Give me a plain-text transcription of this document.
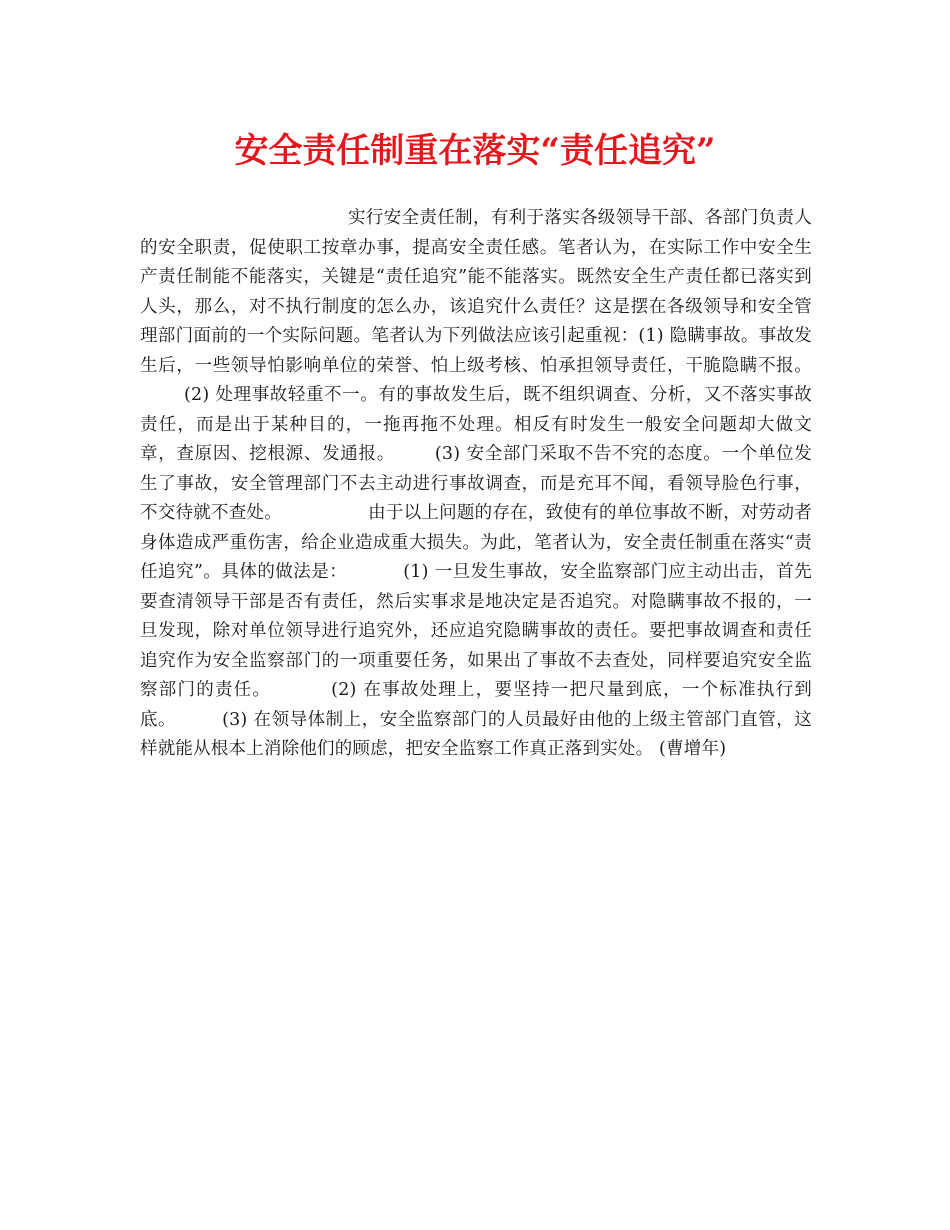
安全责任制重在落实“责任追究”

实行安全责任制，有利于落实各级领导干部、各部门负责人的安全职责，促使职工按章办事，提高安全责任感。笔者认为，在实际工作中安全生产责任制能不能落实，关键是“责任追究”能不能落实。既然安全生产责任都已落实到人头，那么，对不执行制度的怎么办，该追究什么责任？这是摆在各级领导和安全管理部门面前的一个实际问题。笔者认为下列做法应该引起重视：(1) 隐瞒事故。事故发生后，一些领导怕影响单位的荣誉、怕上级考核、怕承担领导责任，干脆隐瞒不报。(2) 处理事故轻重不一。有的事故发生后，既不组织调查、分析，又不落实事故责任，而是出于某种目的，一拖再拖不处理。相反有时发生一般安全问题却大做文章，查原因、挖根源、发通报。 (3) 安全部门采取不告不究的态度。一个单位发生了事故，安全管理部门不去主动进行事故调查，而是充耳不闻，看领导脸色行事，不交待就不查处。	由于以上问题的存在，致使有的单位事故不断，对劳动者身体造成严重伤害，给企业造成重大损失。为此，笔者认为，安全责任制重在落实“责任追究”。具体的做法是：	(1) 一旦发生事故，安全监察部门应主动出击，首先要查清领导干部是否有责任，然后实事求是地决定是否追究。对隐瞒事故不报的，一旦发现，除对单位领导进行追究外，还应追究隐瞒事故的责任。要把事故调查和责任追究作为安全监察部门的一项重要任务，如果出了事故不去查处，同样要追究安全监察部门的责任。	(2) 在事故处理上，要坚持一把尺量到底，一个标准执行到底。	(3) 在领导体制上，安全监察部门的人员最好由他的上级主管部门直管，这样就能从根本上消除他们的顾虑，把安全监察工作真正落到实处。 (曹增年)
